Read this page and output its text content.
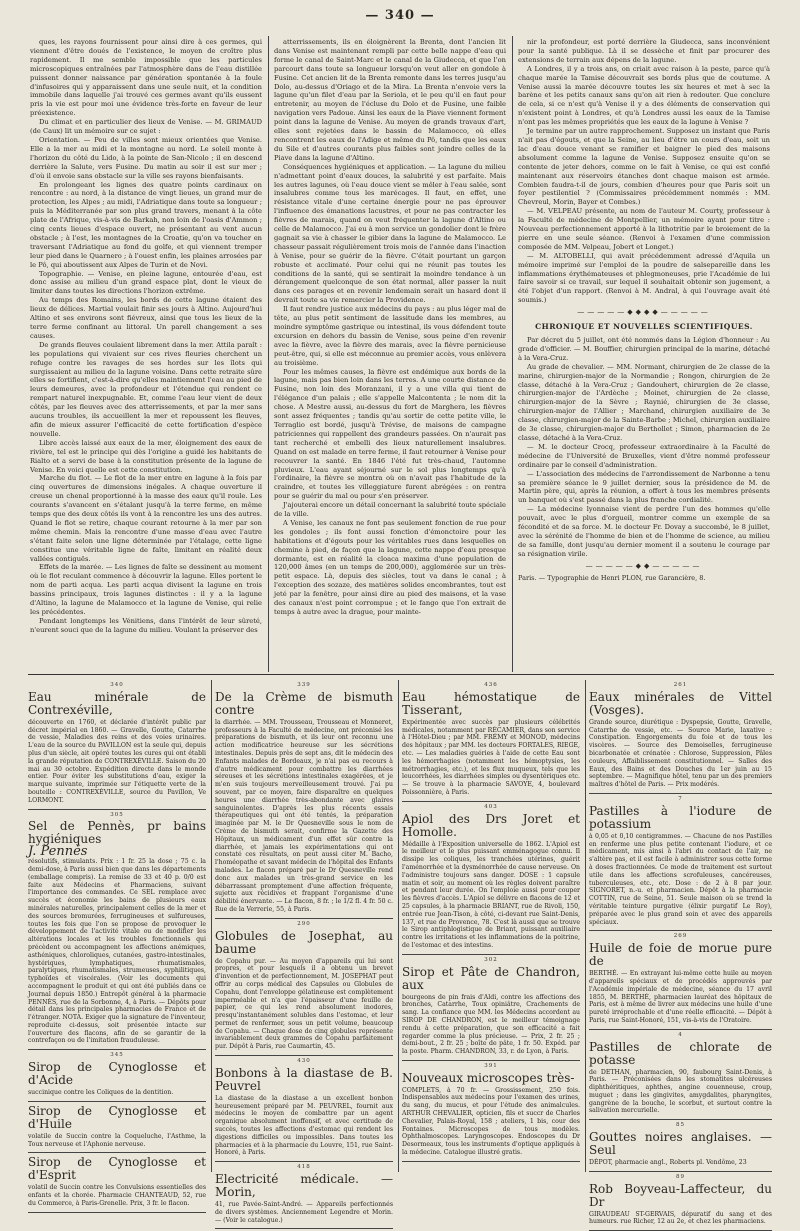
— 340 —

ques, les rayons fournissent pour ainsi dire à ces germes, qui viennent d'être doués de l'existence, le moyen de croître plus rapidement. Il me semble impossible que les particules microscopiques entraînées par l'atmosphère dans de l'eau distillée puissent donner naissance par génération spontanée à la foule d'infusoires qui y apparaissent dans une seule nuit, et la condition immobile dans laquelle j'ai trouvé ces germes avant qu'ils eussent pris la vie est pour moi une évidence très-forte en faveur de leur préexistence.

Du climat et en particulier des lieux de Venise. — M. GRIMAUD (de Caux) lit un mémoire sur ce sujet :

Orientation. — Peu de villes sont mieux orientées que Venise. Elle a la mer au midi et la montagne au nord. Le soleil monte à l'horizon du côté du Lido, à la pointe de San-Nicolo ; il en descend derrière la Salute, vers Fusine. Du matin au soir il est sur mer ; d'où il envoie sans obstacle sur la ville ses rayons bienfaisants.

En prolongeant les lignes des quatre points cardinaux on rencontre : au nord, à la distance de vingt lieues, un grand mur de protection, les Alpes ; au midi, l'Adriatique dans toute sa longueur ; puis la Méditerranée par son plus grand travers, menant à la côte plate de l'Afrique, vis-à-vis de Barkah, non loin de l'oasis d'Ammon ; cinq cents lieues d'espace ouvert, ne présentant au vent aucun obstacle ; à l'est, les montagnes de la Croatie, qu'on va toucher en traversant l'Adriatique au fond du golfe, et qui viennent tremper leur pied dans le Quarnero ; à l'ouest enfin, les plaines arrosées par le Pô, qui aboutissent aux Alpes de Turin et de Novi.

Topographie. — Venise, en pleine lagune, entourée d'eau, est donc assise au milieu d'un grand espace plat, dont le vieux de limiter dans toutes les directions l'horizon extrême.

Au temps des Romains, les bords de cette lagune étaient des lieux de délices. Martial voulait finir ses jours à Altino. Aujourd'hui Altino et ses environs sont fiévreux, ainsi que tous les lieux de la terre ferme confinant au littoral. Un parell changement a ses causes.

De grands fleuves coulaient librement dans la mer. Attila paraît : les populations qui vivaient sur ces rives fleuries cherchent un refuge contre les ravages de ses hordes sur les îlots qui surgissaient au milieu de la lagune voisine. Dans cette retraite sûre elles se fortifient, c'est-à-dire qu'elles maintiennent l'eau au pied de leurs demeures, avec la profondeur et l'étendue qui rendent ce rempart naturel inexpugnable. Et, comme l'eau leur vient de deux côtés, par les fleuves avec des atterrissements, et par la mer sans aucuns troubles, ils accueillent la mer et repoussent les fleuves, afin de mieux assurer l'efficacité de cette fortification d'espèce nouvelle.

Libre accès laissé aux eaux de la mer, éloignement des eaux de rivière, tel est le principe qui dès l'origine a guidé les habitants de Rialto et a servi de base à la constitution présente de la lagune de Venise. En voici quelle est cette constitution.

Marche du flot. — Le flot de la mer entre en lagune à la fois par cinq ouvertures de dimensions inégales. A chaque ouverture il creuse un chenal proportionné à la masse des eaux qu'il roule. Les courants s'avancent en s'étalant jusqu'à la terre ferme, en même temps que des deux côtés ils vont à la rencontre les uns des autres. Quand le flot se retire, chaque courant retourne à la mer par son même chemin. Mais la rencontre d'une masse d'eau avec l'autre s'étant faite selon une ligne déterminée par l'étalage, cette ligne constitue une véritable ligne de faîte, limitant en réalité deux vallées contiguës.

Effets de la marée. — Les lignes de faîte se dessinent au moment où le flot reculant commence à découvrir la lagune. Elles portent le nom de parti acqua. Les parti acqua divisent la lagune en trois bassins principaux, trois lagunes distinctes : il y a la lagune d'Altino, la lagune de Malamocco et la lagune de Venise, qui relie les précédentes.

Pendant longtemps les Vénitiens, dans l'intérêt de leur sûreté, n'eurent souci que de la lagune du milieu. Voulant la préserver des

atterrissements, ils en éloignèrent la Brenta, dont l'ancien lit dans Venise est maintenant rempli par cette belle nappe d'eau qui forme le canal de Saint-Marc et le canal de la Giudecca, et que l'on parcourt dans toute sa longueur lorsqu'on veut aller en gondole à Fusine. Cet ancien lit de la Brenta remonte dans les terres jusqu'au Dolo, au-dessus d'Oriago et de la Mira. La Brenta n'envoie vers la lagune qu'un filet d'eau par la Seriola, et le peu qu'il en faut pour entretenir, au moyen de l'écluse du Dolo et de Fusine, une faible navigation vers Padoue. Ainsi les eaux de la Piave viennent forment point dans la lagune de Venise. Au moyen de grands travaux d'art, elles sont rejetées dans le bassin de Malamocco, où elles rencontrent les eaux de l'Adige et même du Pô, tandis que les eaux du Sile et d'autres courants plus faibles sont joindre celles de la Piave dans la lagune d'Altino.

Conséquences hygiéniques et application. — La lagune du milieu n'admettant point d'eaux douces, la salubrité y est parfaite. Mais les autres lagunes, où l'eau douce vient se mêler à l'eau salée, sont insalubres comme tous les marécages. Il faut, en effet, une résistance vitale d'une certaine énergie pour ne pas éprouver l'influence des émanations lacustres, et pour ne pas contracter les fièvres de marais, quand on veut fréquenter la lagune d'Altino ou celle de Malamocco. J'ai eu à mon service un gondolier dont le frère gagnait sa vie à chasser le gibier dans la lagune de Malamocco. Le chasseur passait régulièrement trois mois de l'année dans l'inaction à Venise, pour se guérir de la fièvre. C'était pourtant un garçon robuste et acclimaté. Pour celui qui ne réunit pas toutes les conditions de la santé, qui se sentirait la moindre tendance à un dérangement quelconque de son état normal, aller passer la nuit dans ces parages et en revenir lendemain serait un hasard dont il devrait toute sa vie remercier la Providence.

Il faut rendre justice aux médecins du pays : au plus léger mal de tête, au plus petit sentiment de lassitude dans les membres, au moindre symptôme gastrique ou intestinal, ils vous défendent toute excursion en dehors du bassin de Venise, sous peine d'en revenir avec la fièvre, avec la fièvre des marais, avec la fièvre pernicieuse peut-être, qui, si elle est méconnue au premier accès, vous enlèvera au troisième.

Pour les mêmes causes, la fièvre est endémique aux bords de la lagune, mais pas bien loin dans les terres. A une courte distance de Fusine, non loin des Moranzani, il y a une villa qui tient de l'élégance d'un palais ; elle s'appelle Malcontenta ; le nom dit la chose. A Mestre aussi, au-dessus du fort de Marghera, les fièvres sont assez fréquentes ; tandis qu'au sortir de cette petite ville, le Terraglio est bordé, jusqu'à Trévise, de maisons de campagne patriciennes qui rappellent des grandeurs passées. On n'aurait pas tant recherché et embelli des lieux naturellement insalubres. Quand on est malade en terre ferme, il faut retourner à Venise pour recouvrer la santé. En 1846 l'été fut très-chaud, l'automne pluvieux. L'eau ayant séjourné sur le sol plus longtemps qu'à l'ordinaire, la fièvre se montra où on n'avait pas l'habitude de la craindre, et toutes les villeggiature furent abrégées : on rentra pour se guérir du mal ou pour s'en préserver.

J'ajouterai encore un détail concernant la salubrité toute spéciale de la ville.

A Venise, les canaux ne font pas seulement fonction de rue pour les gondoles ; ils font aussi fonction d'émonctoire pour les habitations et d'égouts pour les véritables rues dans lesquelles on chemine à pied, de façon que la lagune, cette nappe d'eau presque dormante, est en réalité la cloaca maxima d'une population de 120,000 âmes (en un temps de 200,000), agglomérée sur un très-petit espace. Là, depuis des siècles, tout va dans le canal ; à l'exception des sozaze, des matières solides encombrantes, tout est jeté par la fenêtre, pour ainsi dire au pied des maisons, et la vase des canaux n'est point corrompue ; et le fango que l'on extrait de temps à autre avec la drague, pour mainte-

nir la profondeur, est porté derrière la Giudecca, sans inconvénient pour la santé publique. Là il se dessèche et finit par procurer des extensions de terrain aux dépens de la lagune.

A Londres, il y a trois ans, on criait avec raison à la peste, parce qu'à chaque marée la Tamise découvrait ses bords plus que de coutume. A Venise aussi la marée découvre toutes les six heures et met à sec la barène et les petits canaux sans qu'on ait rien à redouter. Que conclure de cela, si ce n'est qu'à Venise il y a des éléments de conservation qui n'existent point à Londres, et qu'à Londres aussi les eaux de la Tamise n'ont pas les mêmes propriétés que les eaux de la lagune à Venise ?

Je termine par un autre rapprochement. Supposez un instant que Paris n'ait pas d'égouts, et que la Seine, au lieu d'être un cours d'eau, soit un lac d'eau douce venant se ramifier et baigner le pied des maisons absolument comme la lagune de Venise. Supposez ensuite qu'on se contente de jeter dehors, comme on le fait à Venise, ce qui est confié maintenant aux réservoirs étanches dont chaque maison est armée. Combien faudra-t-il de jours, combien d'heures pour que Paris soit un foyer pestilentiel ? (Commissaires précédemment nommés : MM. Chevreul, Morin, Bayer et Combes.)

— M. VELPEAU présente, au nom de l'auteur M. Courty, professeur à la Faculté de médecine de Montpellier, un mémoire ayant pour titre : Nouveau perfectionnement apporté à la lithotritie par le broiement de la pierre en une seule séance. (Renvoi à l'examen d'une commission composée de MM. Velpeau, Jobert et Longet.)

— M. ALTOBELLI, qui avait précédemment adressé d'Aquila un mémoire imprimé sur l'emploi de la poudre de salsepareille dans les inflammations érythémateuses et phlegmoneuses, prie l'Académie de lui faire savoir si ce travail, sur lequel il souhaitait obtenir son jugement, a été l'objet d'un rapport. (Renvoi à M. Andral, à qui l'ouvrage avait été soumis.)

—————◆◆◆◆—————
CHRONIQUE ET NOUVELLES SCIENTIFIQUES.

Par décret du 5 juillet, ont été nommés dans la Légion d'honneur : Au grade d'officier. — M. Bouffier, chirurgien principal de la marine, détaché à la Vera-Cruz.

Au grade de chevalier. — MM. Normant, chirurgien de 2e classe de la marine, chirurgien-major de la Normandie ; Rongon, chirurgien de 2e classe, détaché à la Vera-Cruz ; Gandouhert, chirurgien de 2e classe, chirurgien-major de l'Ardèche ; Moinet, chirurgien de 2e classe, chirurgien-major de la Sèvre ; Raynié, chirurgien de 3e classe, chirurgien-major de l'Allier ; Marchand, chirurgien auxiliaire de 3e classe, chirurgien-major de la Sainte-Barbe ; Michel, chirurgien auxiliaire de 3e classe, chirurgien-major du Berthollet ; Simon, pharmacien de 2e classe, détaché à la Vera-Cruz.

— M. le docteur Crocq, professeur extraordinaire à la Faculté de médecine de l'Université de Bruxelles, vient d'être nommé professeur ordinaire par le conseil d'administration.

— L'association des médecins de l'arrondissement de Narbonne a tenu sa première séance le 9 juillet dernier, sous la présidence de M. de Martin père, qui, après la réunion, a offert à tous les membres présents un banquet où s'est passé dans la plus franche cordialité.

— La médecine lyonnaise vient de perdre l'un des hommes qu'elle pouvait, avec le plus d'orgueil, montrer comme un exemple de sa fécondité et de sa force. M. le docteur Fr. Dovay a succombé, le 8 juillet, avec la sérénité de l'homme de bien et de l'homme de science, au milieu de sa famille, dont jusqu'au dernier moment il a soutenu le courage par sa résignation virile.

—————◆◆—————
Paris. — Typographie de Henri PLON, rue Garancière, 8.
340
Eau minérale de Contrexéville,
découverte en 1760, et déclarée d'intérêt public par décret impérial en 1860. — Gravelle, Goutte, Catarrhe de vessie, Maladies des reins et des voies urinaires. L'eau de la source du PAVILLON est la seule qui, depuis plus d'un siècle, ait opéré toutes les cures qui ont établi la grande réputation de CONTREXÉVILLE. Saison du 20 mai au 30 octobre. Expédition directe dans le monde entier. Pour éviter les substitutions d'eau, exiger la marque suivante, imprimée sur l'étiquette verte de la bouteille : CONTREXÉVILLE, source du Pavillon, Ve LORMONT.
305
Sel de Pennès, pr bains hygiéniques
J. Pennès
résolutifs, stimulants. Prix : 1 fr. 25 la dose ; 75 c. la demi-dose, à Paris aussi bien que dans les départements (emballage compris). La remise de 33 et 40 p. 0/0 est faite aux Médecins et Pharmaciens, suivant l'importance des commandes. Ce SEL remplace avec succès et économie les bains de plusieurs eaux minérales naturelles, principalement celles de la mer et des sources bromurées, ferrugineuses et sulfureuses, toutes les fois que l'on se propose de provoquer le développement de l'activité vitale ou de modifier les altérations locales et les troubles fonctionnels qui précèdent ou accompagnent les affections anémiques, asthéniques, chloroliques, cutanées, gastro-intestinales, hystériques, lymphatiques, rhumatismales, paralytiques, rhumatismales, strumeuses, syphilitiques, typhoïdes et viscérales. (Voir les documents qui accompagnent le produit et qui ont été publiés dans ce Journal depuis 1850.) Entrepôt général à la pharmacie PENNÈS, rue de la Sorbonne, 4, à Paris. — Dépôts pour détail dans les principales pharmacies de France et de l'étranger. NOTA. Exiger que la signature de l'inventeur, reproduite ci-dessus, soit présentée intacte sur l'ouverture des flacons, afin de se garantir de la contrefaçon ou de l'imitation frauduleuse.
345
Sirop de Cynoglosse et d'Acide
succinique contre les Coliques de la dentition.
Sirop de Cynoglosse et d'Huile
volatile de Succin contre la Coqueluche, l'Asthme, la Toux nerveuse et l'Aphonie nerveuse.
Sirop de Cynoglosse et d'Esprit
volatil de Succin contre les Convulsions essentielles des enfants et la chorée. Pharmacie CHANTEAUD, 52, rue du Commerce, à Paris-Grenelle. Prix, 3 fr. le flacon.
339
De la Crème de bismuth contre
la diarrhée. — MM. Trousseau, Trousseau et Monneret, professeurs à la Faculté de médecine, ont préconisé les préparations de bismuth, et ils leur ont reconnu une action modificatrice heureuse sur les sécrétions intestinales. Depuis près de sept ans, dit le médecin des Enfants malades de Bordeaux, je n'ai pas eu recours à d'autre médicament pour combattre les diarrhées séreuses et les sécrétions intestinales exagérées, et je m'en suis toujours merveilleusement trouvé. J'ai pu souvent, par ce moyen, faire disparaître en quelques heures une diarrhée très-abondante avec glaires sanguinolentes. D'après les plus récents essais thérapeutiques qui ont été tentés, la préparation imaginée par M. le Dr Quesneville sous le nom de Crème de bismuth serait, confirme la Gazette des Hôpitaux, un médicament d'un effet sûr contre la diarrhée, et jamais les expérimentations qui ont constaté ces résultats, on peut aussi citer M. Bacho, l'homéopathe et savant médecin de l'hôpital des Enfants malades. Le flacon préparé par le Dr Quesneville rend donc aux malades un très-grand service en les débarrassant promptement d'une affection fréquente, sujette aux récidives et frappant l'organisme d'une débilité énervante. — Le flacon, 8 fr. ; le 1/2 fl. 4 fr. 50 c. Rue de la Verrerie, 55, à Paris.
290
Globules de Josephat, au baume
de Copahu pur. — Au moyen d'appareils qui lui sont propres, et pour lesquels il a obtenu un brevet d'invention et de perfectionnement, M. JOSEPHAT peut offrir au corps médical des Capsules ou Globules de Copahu, dont l'enveloppe gélatineuse est complètement imperméable et n'a que l'épaisseur d'une feuille de papier, ce qui les rend absolument inodores, presqu'instantanément solubles dans l'estomac, et leur permet de renfermer, sous un petit volume, beaucoup de Copahu. — Chaque dose de cinq globules représente invariablement deux grammes de Copahu parfaitement pur. Dépôt à Paris, rue Caumartin, 45.
430
Bonbons à la diastase de B. Peuvrel
La diastase de la diastase a un excellent bonbon heureusement préparé par M. PEUVREL, fournit aux médecins le moyen de combattre par un agent organique absolument inoffensif, et avec certitude de succès, toutes les affections d'estomac qui rendent les digestions difficiles ou impossibles. Dans toutes les pharmacies et à la pharmacie du Louvre, 151, rue Saint-Honoré, à Paris.
418
Electricité médicale. — Morin,
41, rue Pavée-Saint-André. — Appareils perfectionnés de divers systèmes. Anciennement Legendre et Morin. — (Voir le catalogue.)
436
Eau hémostatique de Tisserant,
Expérimentée avec succès par plusieurs célébrités médicales, notamment par RÉCAMIER, dans son service à l'Hôtel-Dieu ; par MM. FRÉMY et MONOD, médecins des hôpitaux ; par MM. les docteurs FORTALES, RIEGE, etc. — Les maladies guéries à l'aide de cette Eau sont les hémorrhagies (notamment les hémoptysies, les métrorrhagies, etc.), et les flux muqueux, tels que les leucorrhées, les diarrhées simples ou dysentériques etc. — Se trouve à la pharmacie SAVOYE, 4, boulevard Poissonnière, à Paris.
403
Apiol des Drs Joret et Homolle.
Médaille à l'Exposition universelle de 1862. L'Apiol est le meilleur et le plus puissant emménagogue connu. Il dissipe les coliques, les tranchées utérines, guérit l'aménorrhée et la dysménorrhée de cause nerveuse. On l'administre toujours sans danger. DOSE : 1 capsule matin et soir, au moment où les règles doivent paraître et pendant leur durée. On l'emploie aussi pour couper les fièvres d'accès. L'Apiol se délivre en flacons de 12 et 25 capsules, à la pharmacie BRIANT, rue de Rivoli, 150, entrée rue Jean-Tison, à côté, ci-devant rue Saint-Denis, 137, et rue de Provence, 78. C'est là aussi que se trouve le Sirop antiphlogistique de Briant, puissant auxiliaire contre les irritations et les inflammations de la poitrine, de l'estomac et des intestins.
302
Sirop et Pâte de Chandron, aux
bourgeons de pin frais d'Aldi, contre les affections des bronches, Catarrhe, Toux opiniâtre, Crachements de sang. La confiance que MM. les Médecins accordent au SIROP DE CHANDRON, est le meilleur témoignage rendu à cette préparation, que son efficacité a fait regarder comme la plus précieuse. — Prix, 2 fr. 25 ; demi-bout., 2 fr. 25 ; boîte de pâte, 1 fr. 50. Expéd. par la poste. Pharm. CHANDRON, 33, r. de Lyon, à Paris.
391
Nouveaux microscopes très-
COMPLETS, à 70 fr. — Grossissement, 250 fois. Indispensables aux médecins pour l'examen des urines, du sang, du mucus, et pour l'étude des animalcules. ARTHUR CHEVALIER, opticien, fils et succr de Charles Chevalier, Palais-Royal, 158 ; ateliers, 1 bis, cour des Fontaines. Microscopes de tous modèles. Ophthalmoscopes. Laryngoscopes. Endoscopes du Dr Desormeaux, tous les instruments d'optique appliqués à la médecine. Catalogue illustré gratis.
261
Eaux minérales de Vittel (Vosges).
Grande source, diurétique : Dyspepsie, Goutte, Gravelle, Catarrhe de vessie, etc. — Source Marie, laxative : Constipation. Engorgements du foie et de tous les viscères. — Source des Demoiselles, ferrugineuse bicarbonatée et crénatée : Chlorose, Suppression, Pâles couleurs, Affaiblissement constitutionnel. — Salles des Eaux, des Bains et des Douches du 1er juin au 15 septembre. — Magnifique hôtel, tenu par un des premiers maîtres d'hôtel de Paris. — Prix modérés.
7
Pastilles à l'iodure de potassium
à 0,05 et 0,10 centigrammes. — Chacune de nos Pastilles en renferme une plus petite contenant l'iodure, et ce médicament, mis ainsi à l'abri du contact de l'air, ne s'altère pas, et il est facile à administrer sous cette forme à doses fractionnées. Ce mode de traitement est surtout utile dans les affections scrofuleuses, cancéreuses, tuberculeuses, etc., etc. Dose : de 2 à 8 par jour. SIGNORET, n.-u. et pharmacien. Dépôt à la pharmacie COTTIN, rue de Seine, 51. Seule maison où se trend la véritable teinture purgative (élixir purgatif Le Roy), préparée avec le plus grand soin et avec des appareils spéciaux.
269
Huile de foie de morue pure de
BERTHÉ. — En extrayant lui-même cette huile au moyen d'appareils spéciaux et de procédés approuvés par l'Académie impériale de médecine, séance du 17 avril 1855, M. BERTHÉ, pharmacien lauréat des hôpitaux de Paris, est à même de livrer aux médecins une huile d'une pureté irréprochable et d'une réelle efficacité. — Dépôt à Paris, rue Saint-Honoré, 151, vis-à-vis de l'Oratoire.
4
Pastilles de chlorate de potasse
de DETHAN, pharmacien, 90, faubourg Saint-Denis, à Paris. — Préconisées dans les stomatites ulcéreuses diphthéritiques, aphthes, angine couenneuse, croup, muguet ; dans les gingivites, amygdalites, pharyngites, gangrène de la bouche, le scorbut, et surtout contre la salivation mercurielle.
85
Gouttes noires anglaises. — Seul
DÉPOT, pharmacie angl., Roberts pl. Vendôme, 23
89
Rob Boyveau-Laffecteur, du Dr
GIRAUDEAU ST-GERVAIS, dépuratif du sang et des humeurs. rue Richer, 12 au 2e, et chez les pharmaciens.
